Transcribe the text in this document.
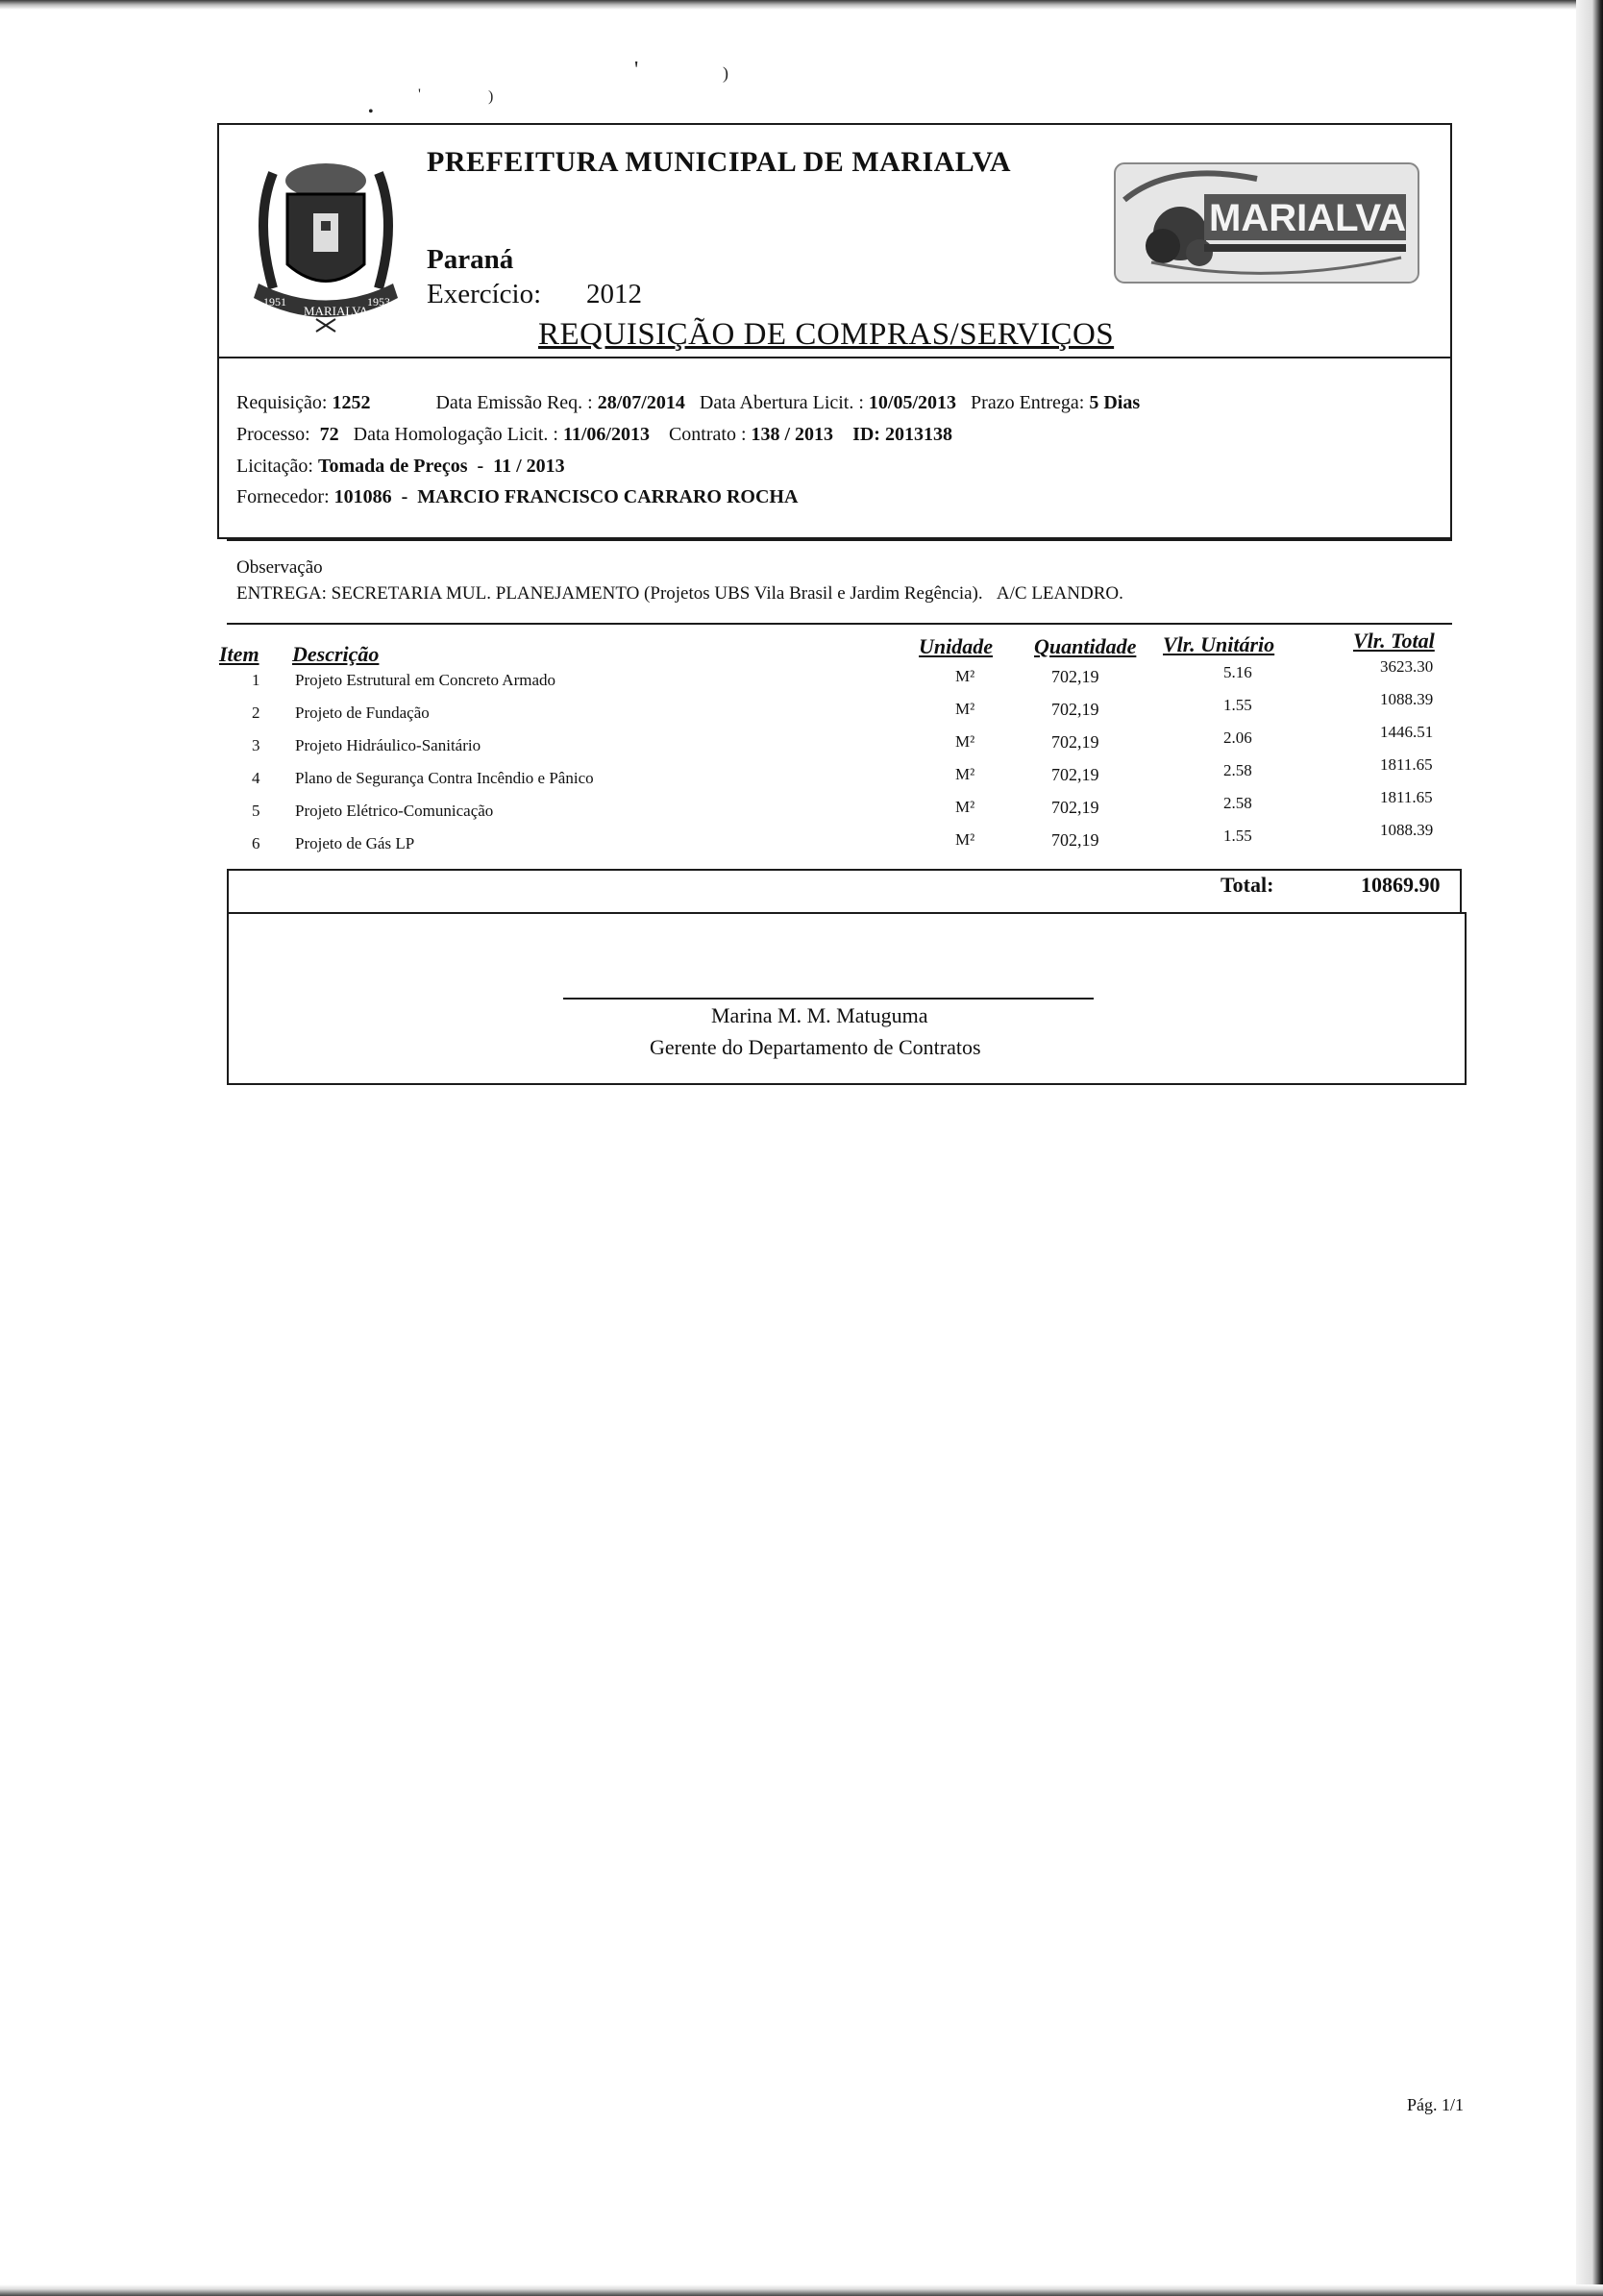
'	)
'	)
•
1951
MARIALVA
1953
PREFEITURA MUNICIPAL DE MARIALVA
Paraná
Exercício: 2012
REQUISIÇÃO DE COMPRAS/SERVIÇOS
MARIALVA
Requisição: 1252	Data Emissão Req. : 28/07/2014 Data Abertura Licit. : 10/05/2013 Prazo Entrega: 5 Dias
Processo: 72 Data Homologação Licit. : 11/06/2013 Contrato : 138 / 2013 ID: 2013138
Licitação: Tomada de Preços  -  11 / 2013
Fornecedor: 101086  -  MARCIO FRANCISCO CARRARO ROCHA
Observação
ENTREGA: SECRETARIA MUL. PLANEJAMENTO (Projetos UBS Vila Brasil e Jardim Regência). A/C LEANDRO.
Item Descrição	Unidade Quantidade Vlr. Unitário	Vlr. Total
1 Projeto Estrutural em Concreto Armado	M²	702,19	5.16	3623.30
2 Projeto de Fundação	M²	702,19	1.55	1088.39
3 Projeto Hidráulico-Sanitário	M²	702,19	2.06	1446.51
4 Plano de Segurança Contra Incêndio e Pânico	M²	702,19	2.58	1811.65
5 Projeto Elétrico-Comunicação	M²	702,19	2.58	1811.65
6 Projeto de Gás LP	M²	702,19	1.55	1088.39
Total:	10869.90
Marina M. M. Matuguma
Gerente do Departamento de Contratos
Pág. 1/1
